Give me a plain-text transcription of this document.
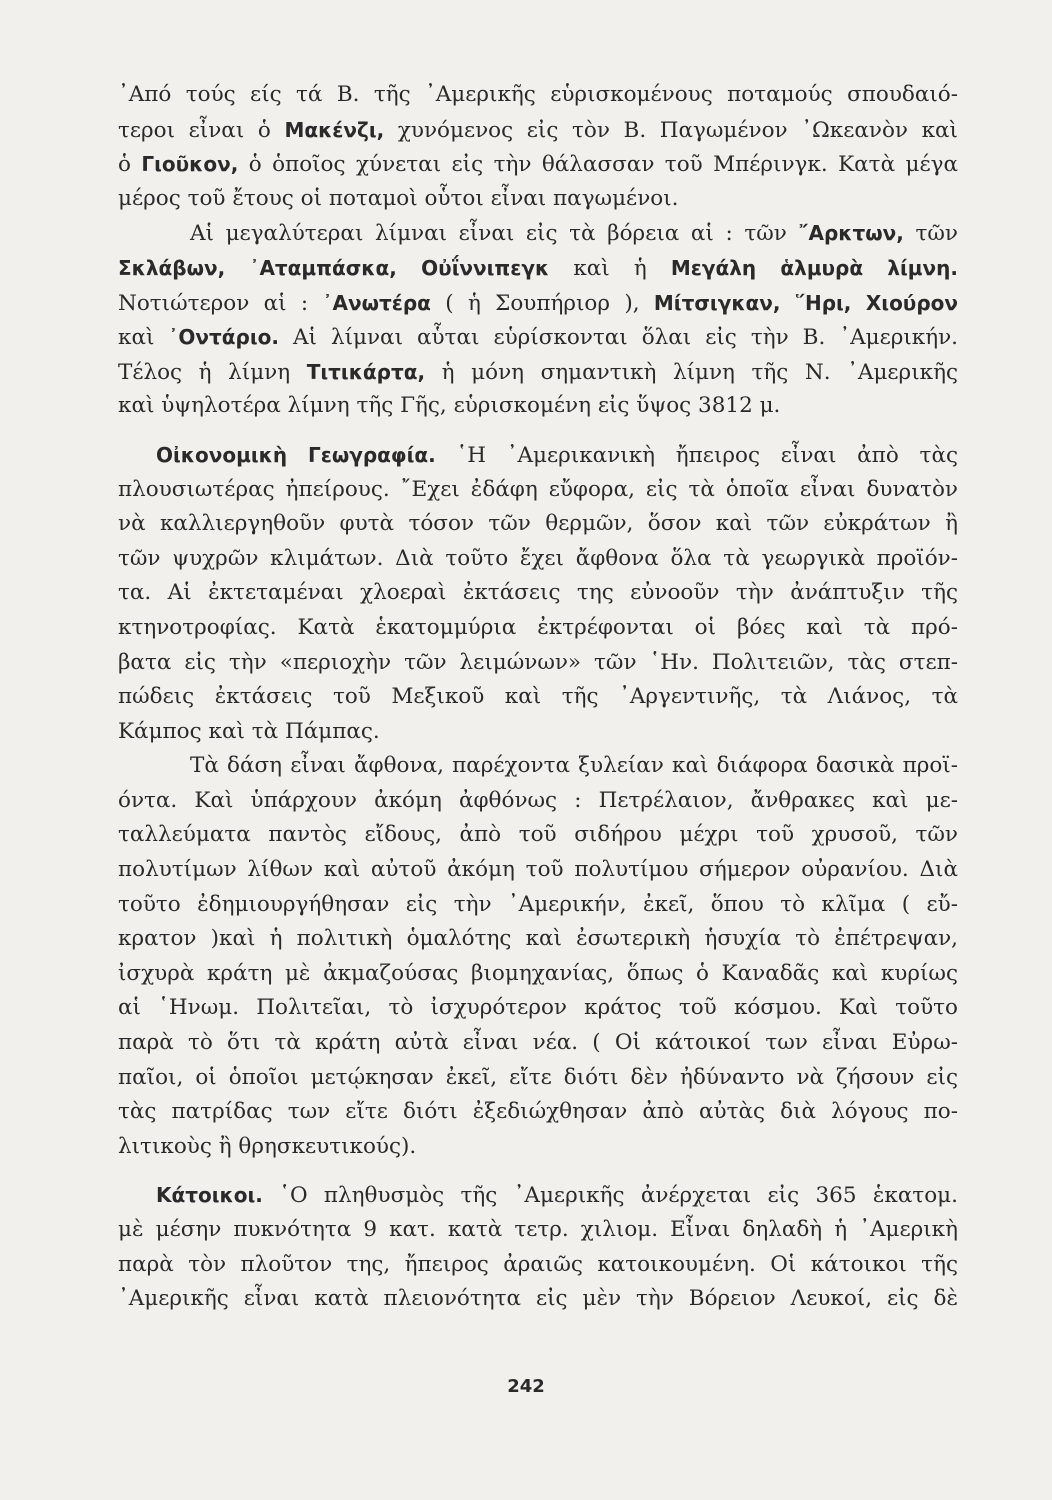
᾿Από τούς είς τά Β. τῆς ᾿Αμερικῆς εὑρισκομένους ποταμούς σπουδαιό-
τεροι εἶναι ὁ Μακένζι, χυνόμενος εἰς τὸν Β. Παγωμένον ᾿Ωκεανὸν καὶ
ὁ Γιοῦκον, ὁ ὁποῖος χύνεται εἰς τὴν θάλασσαν τοῦ Μπέρινγκ. Κατὰ μέγα
μέρος τοῦ ἔτους οἱ ποταμοὶ οὗτοι εἶναι παγωμένοι.
Αἱ μεγαλύτεραι λίμναι εἶναι εἰς τὰ βόρεια αἱ : τῶν ῎Αρκτων, τῶν
Σκλάβων, ᾿Αταμπάσκα, Οὐΐννιπεγκ καὶ ἡ Μεγάλη ἁλμυρὰ λίμνη.
Νοτιώτερον αἱ : ᾿Ανωτέρα ( ἡ Σουπήριορ ), Μίτσιγκαν, ῞Ηρι, Χιούρον
καὶ ᾿Οντάριο. Αἱ λίμναι αὗται εὑρίσκονται ὅλαι εἰς τὴν Β. ᾿Αμερικήν.
Τέλος ἡ λίμνη Τιτικάρτα, ἡ μόνη σημαντικὴ λίμνη τῆς Ν. ᾿Αμερικῆς
καὶ ὑψηλοτέρα λίμνη τῆς Γῆς, εὑρισκομένη εἰς ὕψος 3812 μ.
Οἰκονομικὴ Γεωγραφία. ῾Η ᾿Αμερικανικὴ ἤπειρος εἶναι ἀπὸ τὰς
πλουσιωτέρας ἠπείρους. ῎Εχει ἐδάφη εὔφορα, εἰς τὰ ὁποῖα εἶναι δυνατὸν
νὰ καλλιεργηθοῦν φυτὰ τόσον τῶν θερμῶν, ὅσον καὶ τῶν εὐκράτων ἢ
τῶν ψυχρῶν κλιμάτων. Διὰ τοῦτο ἔχει ἄφθονα ὅλα τὰ γεωργικὰ προϊόν-
τα. Αἱ ἐκτεταμέναι χλοεραὶ ἐκτάσεις της εὐνοοῦν τὴν ἀνάπτυξιν τῆς
κτηνοτροφίας. Κατὰ ἑκατομμύρια ἐκτρέφονται οἱ βόες καὶ τὰ πρό-
βατα εἰς τὴν «περιοχὴν τῶν λειμώνων» τῶν ῾Ην. Πολιτειῶν, τὰς στεπ-
πώδεις ἐκτάσεις τοῦ Μεξικοῦ καὶ τῆς ᾿Αργεντινῆς, τὰ Λιάνος, τὰ
Κάμπος καὶ τὰ Πάμπας.
Τὰ δάση εἶναι ἄφθονα, παρέχοντα ξυλείαν καὶ διάφορα δασικὰ προϊ-
όντα. Καὶ ὑπάρχουν ἀκόμη ἀφθόνως : Πετρέλαιον, ἄνθρακες καὶ με-
ταλλεύματα παντὸς εἴδους, ἀπὸ τοῦ σιδήρου μέχρι τοῦ χρυσοῦ, τῶν
πολυτίμων λίθων καὶ αὐτοῦ ἀκόμη τοῦ πολυτίμου σήμερον οὐρανίου. Διὰ
τοῦτο ἐδημιουργήθησαν εἰς τὴν ᾿Αμερικήν, ἐκεῖ, ὅπου τὸ κλῖμα ( εὔ-
κρατον )καὶ ἡ πολιτικὴ ὁμαλότης καὶ ἐσωτερικὴ ἡσυχία τὸ ἐπέτρεψαν,
ἰσχυρὰ κράτη μὲ ἀκμαζούσας βιομηχανίας, ὅπως ὁ Καναδᾶς καὶ κυρίως
αἱ ῾Ηνωμ. Πολιτεῖαι, τὸ ἰσχυρότερον κράτος τοῦ κόσμου. Καὶ τοῦτο
παρὰ τὸ ὅτι τὰ κράτη αὐτὰ εἶναι νέα. ( Οἱ κάτοικοί των εἶναι Εὐρω-
παῖοι, οἱ ὁποῖοι μετῴκησαν ἐκεῖ, εἴτε διότι δὲν ἠδύναντο νὰ ζήσουν εἰς
τὰς πατρίδας των εἴτε διότι ἐξεδιώχθησαν ἀπὸ αὐτὰς διὰ λόγους πο-
λιτικοὺς ἢ θρησκευτικούς).
Κάτοικοι. ῾Ο πληθυσμὸς τῆς ᾿Αμερικῆς ἀνέρχεται εἰς 365 ἑκατομ.
μὲ μέσην πυκνότητα 9 κατ. κατὰ τετρ. χιλιομ. Εἶναι δηλαδὴ ἡ ᾿Αμερικὴ
παρὰ τὸν πλοῦτον της, ἤπειρος ἀραιῶς κατοικουμένη. Οἱ κάτοικοι τῆς
᾿Αμερικῆς εἶναι κατὰ πλειονότητα εἰς μὲν τὴν Βόρειον Λευκοί, εἰς δὲ
242
